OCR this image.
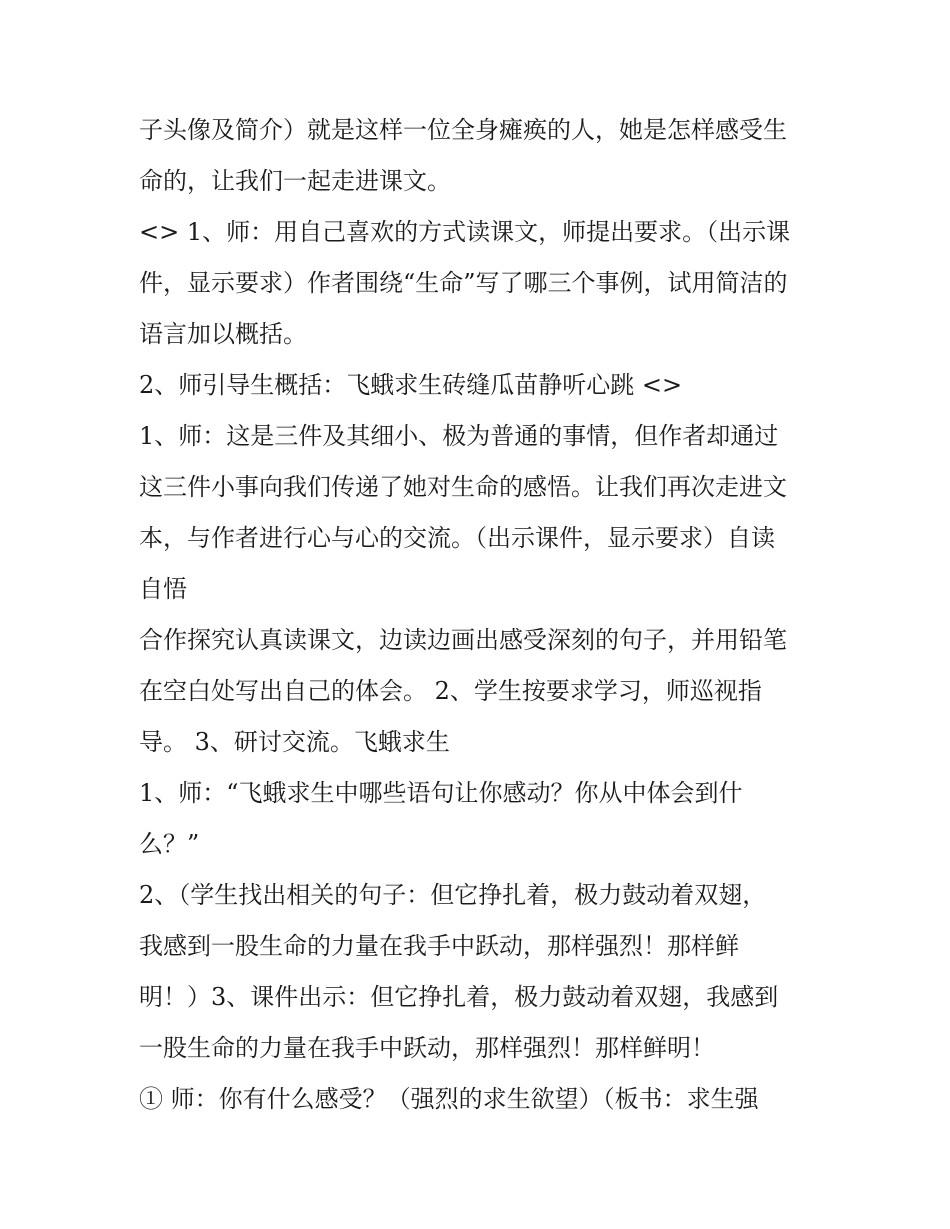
子头像及简介）就是这样一位全身瘫痪的人，她是怎样感受生
命的，让我们一起走进课文。
<> 1、师：用自己喜欢的方式读课文，师提出要求。（出示课
件，显示要求）作者围绕“生命”写了哪三个事例，试用简洁的
语言加以概括。
2、师引导生概括：飞蛾求生砖缝瓜苗静听心跳 <>
1、师：这是三件及其细小、极为普通的事情，但作者却通过
这三件小事向我们传递了她对生命的感悟。让我们再次走进文
本，与作者进行心与心的交流。（出示课件，显示要求）自读
自悟
合作探究认真读课文，边读边画出感受深刻的句子，并用铅笔
在空白处写出自己的体会。 2、学生按要求学习，师巡视指
导。 3、研讨交流。飞蛾求生
1、师：“飞蛾求生中哪些语句让你感动？你从中体会到什
么？”
2、（学生找出相关的句子：但它挣扎着，极力鼓动着双翅，
我感到一股生命的力量在我手中跃动，那样强烈！那样鲜
明！）3、课件出示：但它挣扎着，极力鼓动着双翅，我感到
一股生命的力量在我手中跃动，那样强烈！那样鲜明！
① 师：你有什么感受？（强烈的求生欲望）（板书：求生强
